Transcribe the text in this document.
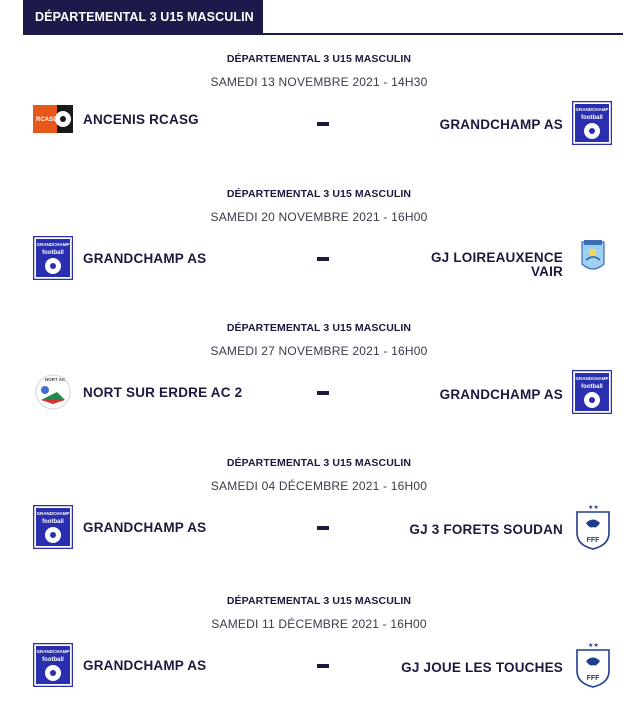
DÉPARTEMENTAL 3 U15 MASCULIN
DÉPARTEMENTAL 3 U15 MASCULIN
SAMEDI 13 NOVEMBRE 2021 - 14H30
RCASG ANCENIS RCASG	GRANDCHAMP AS
GRANDCHAMP
football
DÉPARTEMENTAL 3 U15 MASCULIN
SAMEDI 20 NOVEMBRE 2021 - 16H00
GRANDCHAMP
football GRANDCHAMP AS	GJ LOIREAUXENCE
VAIR
DÉPARTEMENTAL 3 U15 MASCULIN
SAMEDI 27 NOVEMBRE 2021 - 16H00
NORT AC
NORT SUR ERDRE AC 2	GRANDCHAMP AS
GRANDCHAMP
football
DÉPARTEMENTAL 3 U15 MASCULIN
SAMEDI 04 DÉCEMBRE 2021 - 16H00
GRANDCHAMP
football GRANDCHAMP AS	GJ 3 FORETS SOUDAN
★★
FFF
DÉPARTEMENTAL 3 U15 MASCULIN
SAMEDI 11 DÉCEMBRE 2021 - 16H00
GRANDCHAMP
football GRANDCHAMP AS	GJ JOUE LES TOUCHES
★★
FFF
